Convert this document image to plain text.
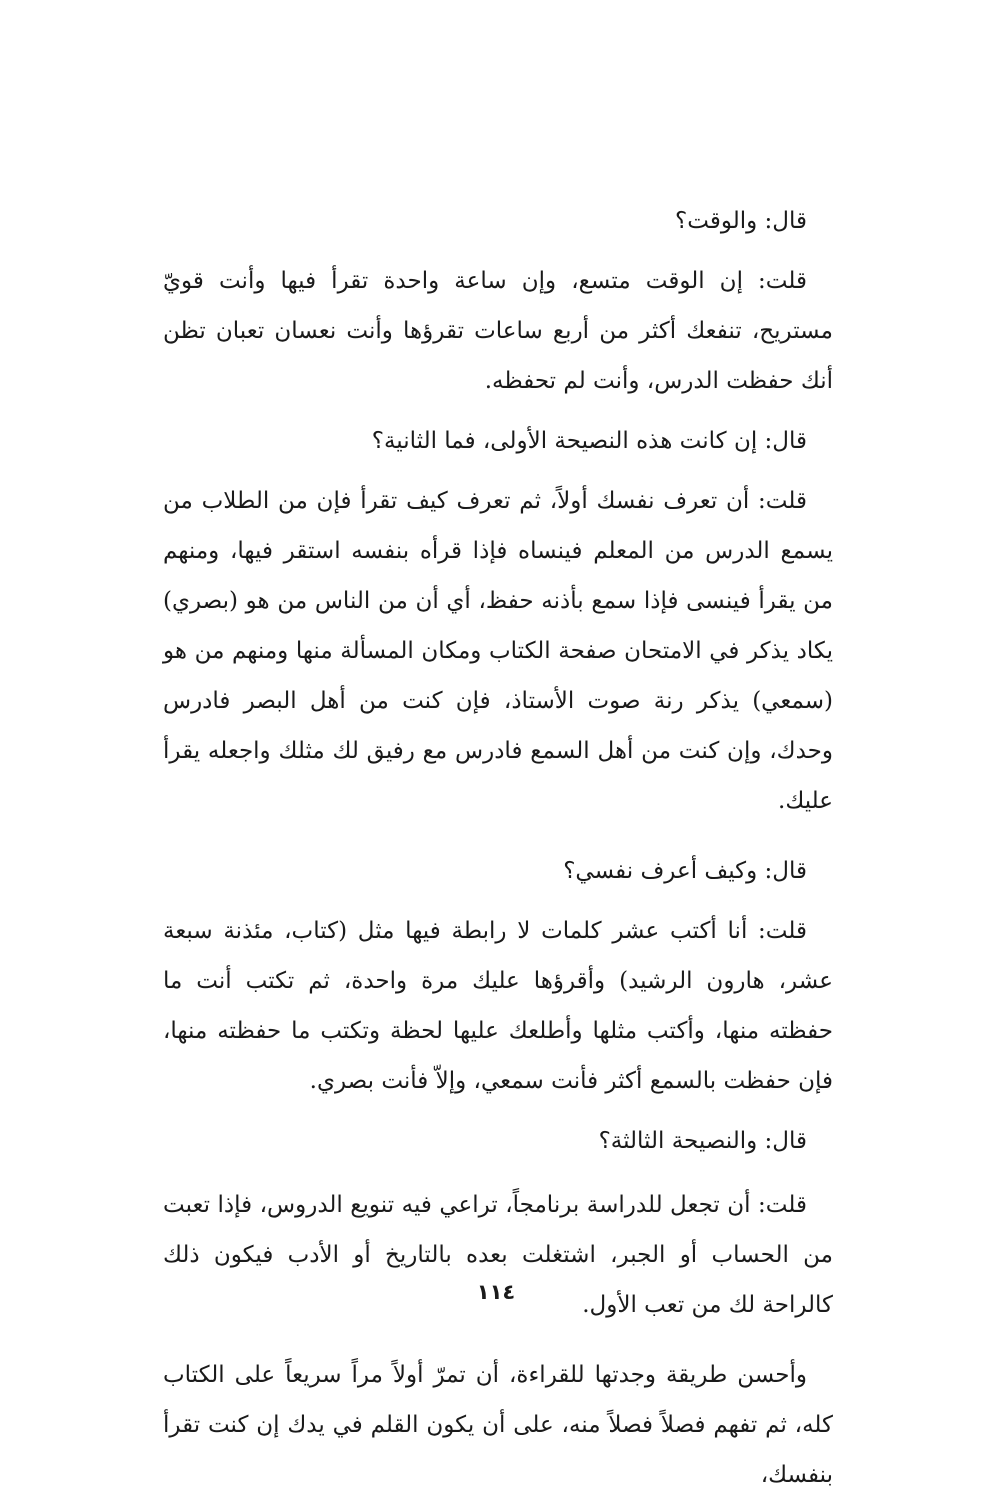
قال: والوقت؟

قلت: إن الوقت متسع، وإن ساعة واحدة تقرأ فيها وأنت قويّ مستريح، تنفعك أكثر من أربع ساعات تقرؤها وأنت نعسان تعبان تظن أنك حفظت الدرس، وأنت لم تحفظه.

قال: إن كانت هذه النصيحة الأولى، فما الثانية؟

قلت: أن تعرف نفسك أولاً، ثم تعرف كيف تقرأ فإن من الطلاب من يسمع الدرس من المعلم فينساه فإذا قرأه بنفسه استقر فيها، ومنهم من يقرأ فينسى فإذا سمع بأذنه حفظ، أي أن من الناس من هو (بصري) يكاد يذكر في الامتحان صفحة الكتاب ومكان المسألة منها ومنهم من هو (سمعي) يذكر رنة صوت الأستاذ، فإن كنت من أهل البصر فادرس وحدك، وإن كنت من أهل السمع فادرس مع رفيق لك مثلك واجعله يقرأ عليك.

قال: وكيف أعرف نفسي؟

قلت: أنا أكتب عشر كلمات لا رابطة فيها مثل (كتاب، مئذنة سبعة عشر، هارون الرشيد) وأقرؤها عليك مرة واحدة، ثم تكتب أنت ما حفظته منها، وأكتب مثلها وأطلعك عليها لحظة وتكتب ما حفظته منها، فإن حفظت بالسمع أكثر فأنت سمعي، وإلاّ فأنت بصري.

قال: والنصيحة الثالثة؟

قلت: أن تجعل للدراسة برنامجاً، تراعي فيه تنويع الدروس، فإذا تعبت من الحساب أو الجبر، اشتغلت بعده بالتاريخ أو الأدب فيكون ذلك كالراحة لك من تعب الأول.

وأحسن طريقة وجدتها للقراءة، أن تمرّ أولاً مراً سريعاً على الكتاب كله، ثم تفهم فصلاً فصلاً منه، على أن يكون القلم في يدك إن كنت تقرأ بنفسك،

١١٤
